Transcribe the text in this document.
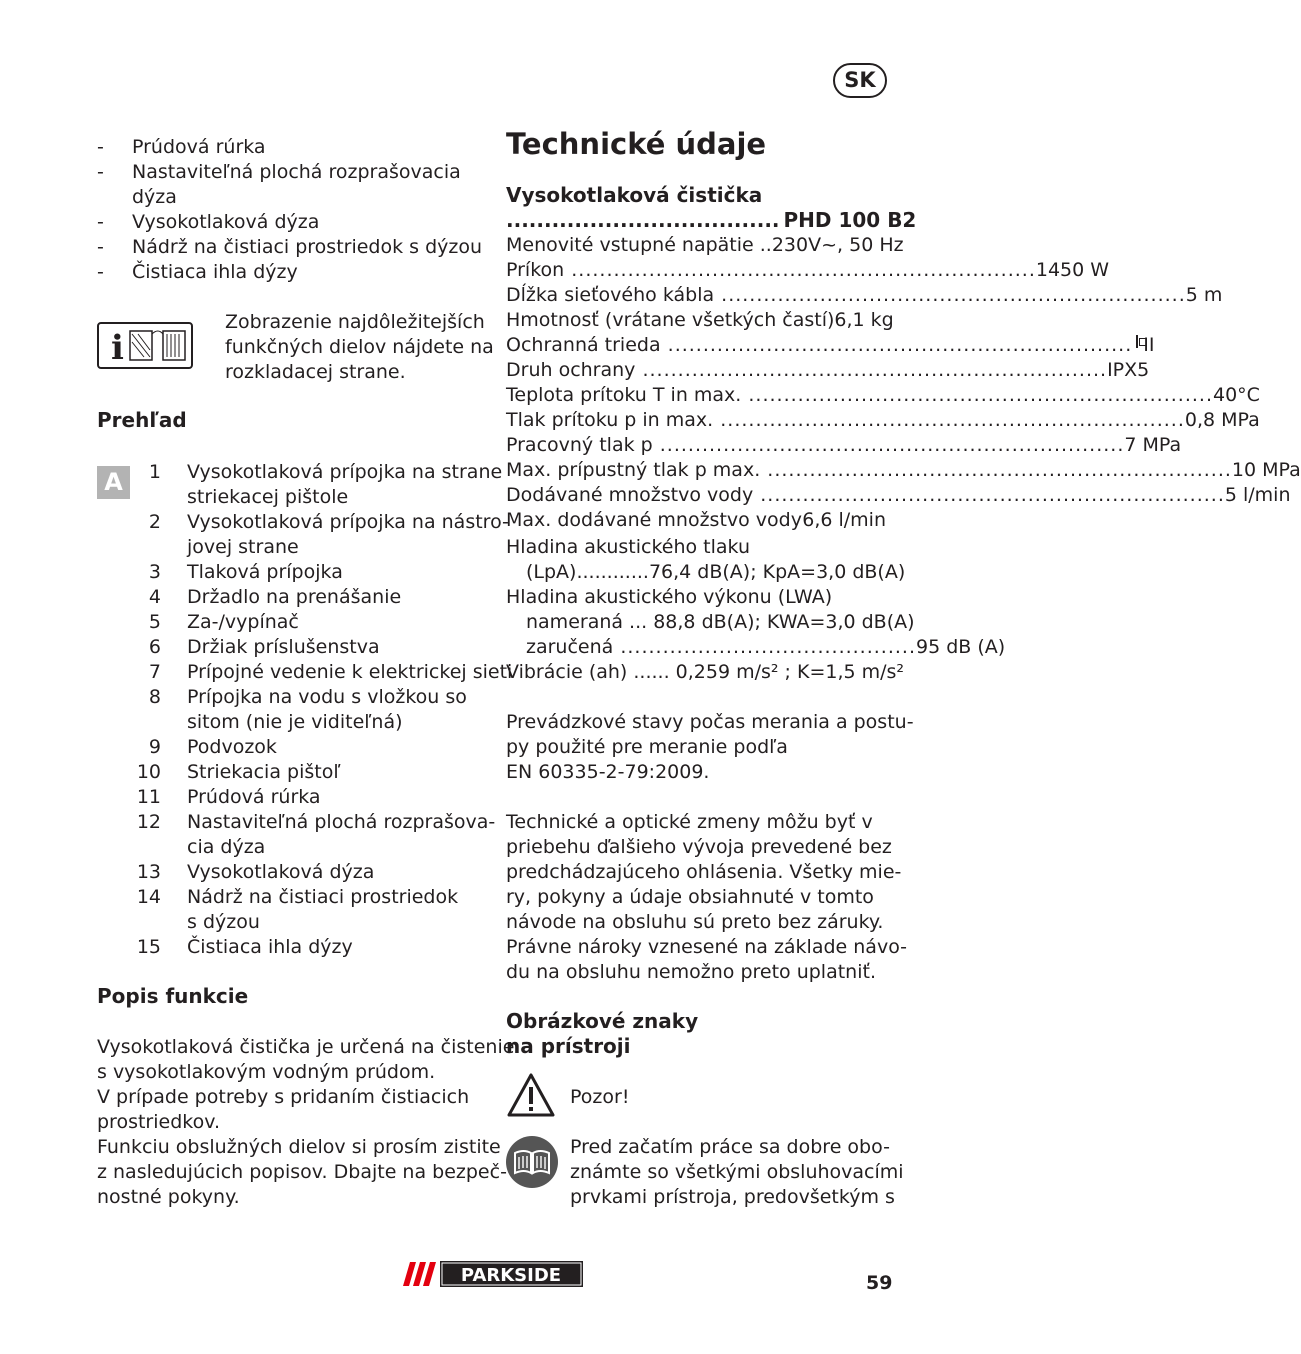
SK
- Prúdová rúrka
- Nastaviteľná plochá rozprašovacia
dýza
- Vysokotlaková dýza
- Nádrž na čistiaci prostriedok s dýzou
- Čistiaca ihla dýzy
i
Zobrazenie najdôležitejších
funkčných dielov nájdete na
rozkladacej strane.
Prehľad
A	1 Vysokotlaková prípojka na strane
striekacej pištole
2 Vysokotlaková prípojka na nástro-
jovej strane
3 Tlaková prípojka
4 Držadlo na prenášanie
5 Za-/vypínač
6 Držiak príslušenstva
7 Prípojné vedenie k elektrickej sieti
8 Prípojka na vodu s vložkou so
sitom (nie je viditeľná)
9 Podvozok
10 Striekacia pištoľ
11 Prúdová rúrka
12 Nastaviteľná plochá rozprašova-
cia dýza
13 Vysokotlaková dýza
14 Nádrž na čistiaci prostriedok
s dýzou
15 Čistiaca ihla dýzy
Popis funkcie
Vysokotlaková čistička je určená na čistenie
s vysokotlakovým vodným prúdom.
V prípade potreby s pridaním čistiacich
prostriedkov.
Funkciu obslužných dielov si prosím zistite
z nasledujúcich popisov. Dbajte na bezpeč-
nostné pokyny.
Technické údaje
Vysokotlaková čistička
.................................... PHD 100 B2
Menovité vstupné napätie .. 230V~, 50 Hz
Príkon .................................................................. 1450 W
Dĺžka sieťového kábla .................................................................. 5 m
Hmotnosť (vrátane všetkých častí) 6,1 kg
Ochranná trieda .................................................................. II
Druh ochrany .................................................................. IPX5
Teplota prítoku T in max. .................................................................. 40°C
Tlak prítoku p in max. .................................................................. 0,8 MPa
Pracovný tlak p .................................................................. 7 MPa
Max. prípustný tlak p max. .................................................................. 10 MPa
Dodávané množstvo vody .................................................................. 5 l/min
Max. dodávané množstvo vody 6,6 l/min
Hladina akustického tlaku
(LpA)............76,4 dB(A); KpA=3,0 dB(A)
Hladina akustického výkonu (LWA)
nameraná ... 88,8 dB(A); KWA=3,0 dB(A)
zaručená .......................................... 95 dB (A)
Vibrácie (ah) ...... 0,259 m/s² ; K=1,5 m/s²
Prevádzkové stavy počas merania a postu-
py použité pre meranie podľa
EN 60335-2-79:2009.
Technické a optické zmeny môžu byť v
priebehu ďalšieho vývoja prevedené bez
predchádzajúceho ohlásenia. Všetky mie-
ry, pokyny a údaje obsiahnuté v tomto
návode na obsluhu sú preto bez záruky.
Právne nároky vznesené na základe návo-
du na obsluhu nemožno preto uplatniť.
Obrázkové znaky
na prístroji
Pozor!
Pred začatím práce sa dobre obo-
známte so všetkými obsluhovacími
prvkami prístroja, predovšetkým s
PARKSIDE	59
